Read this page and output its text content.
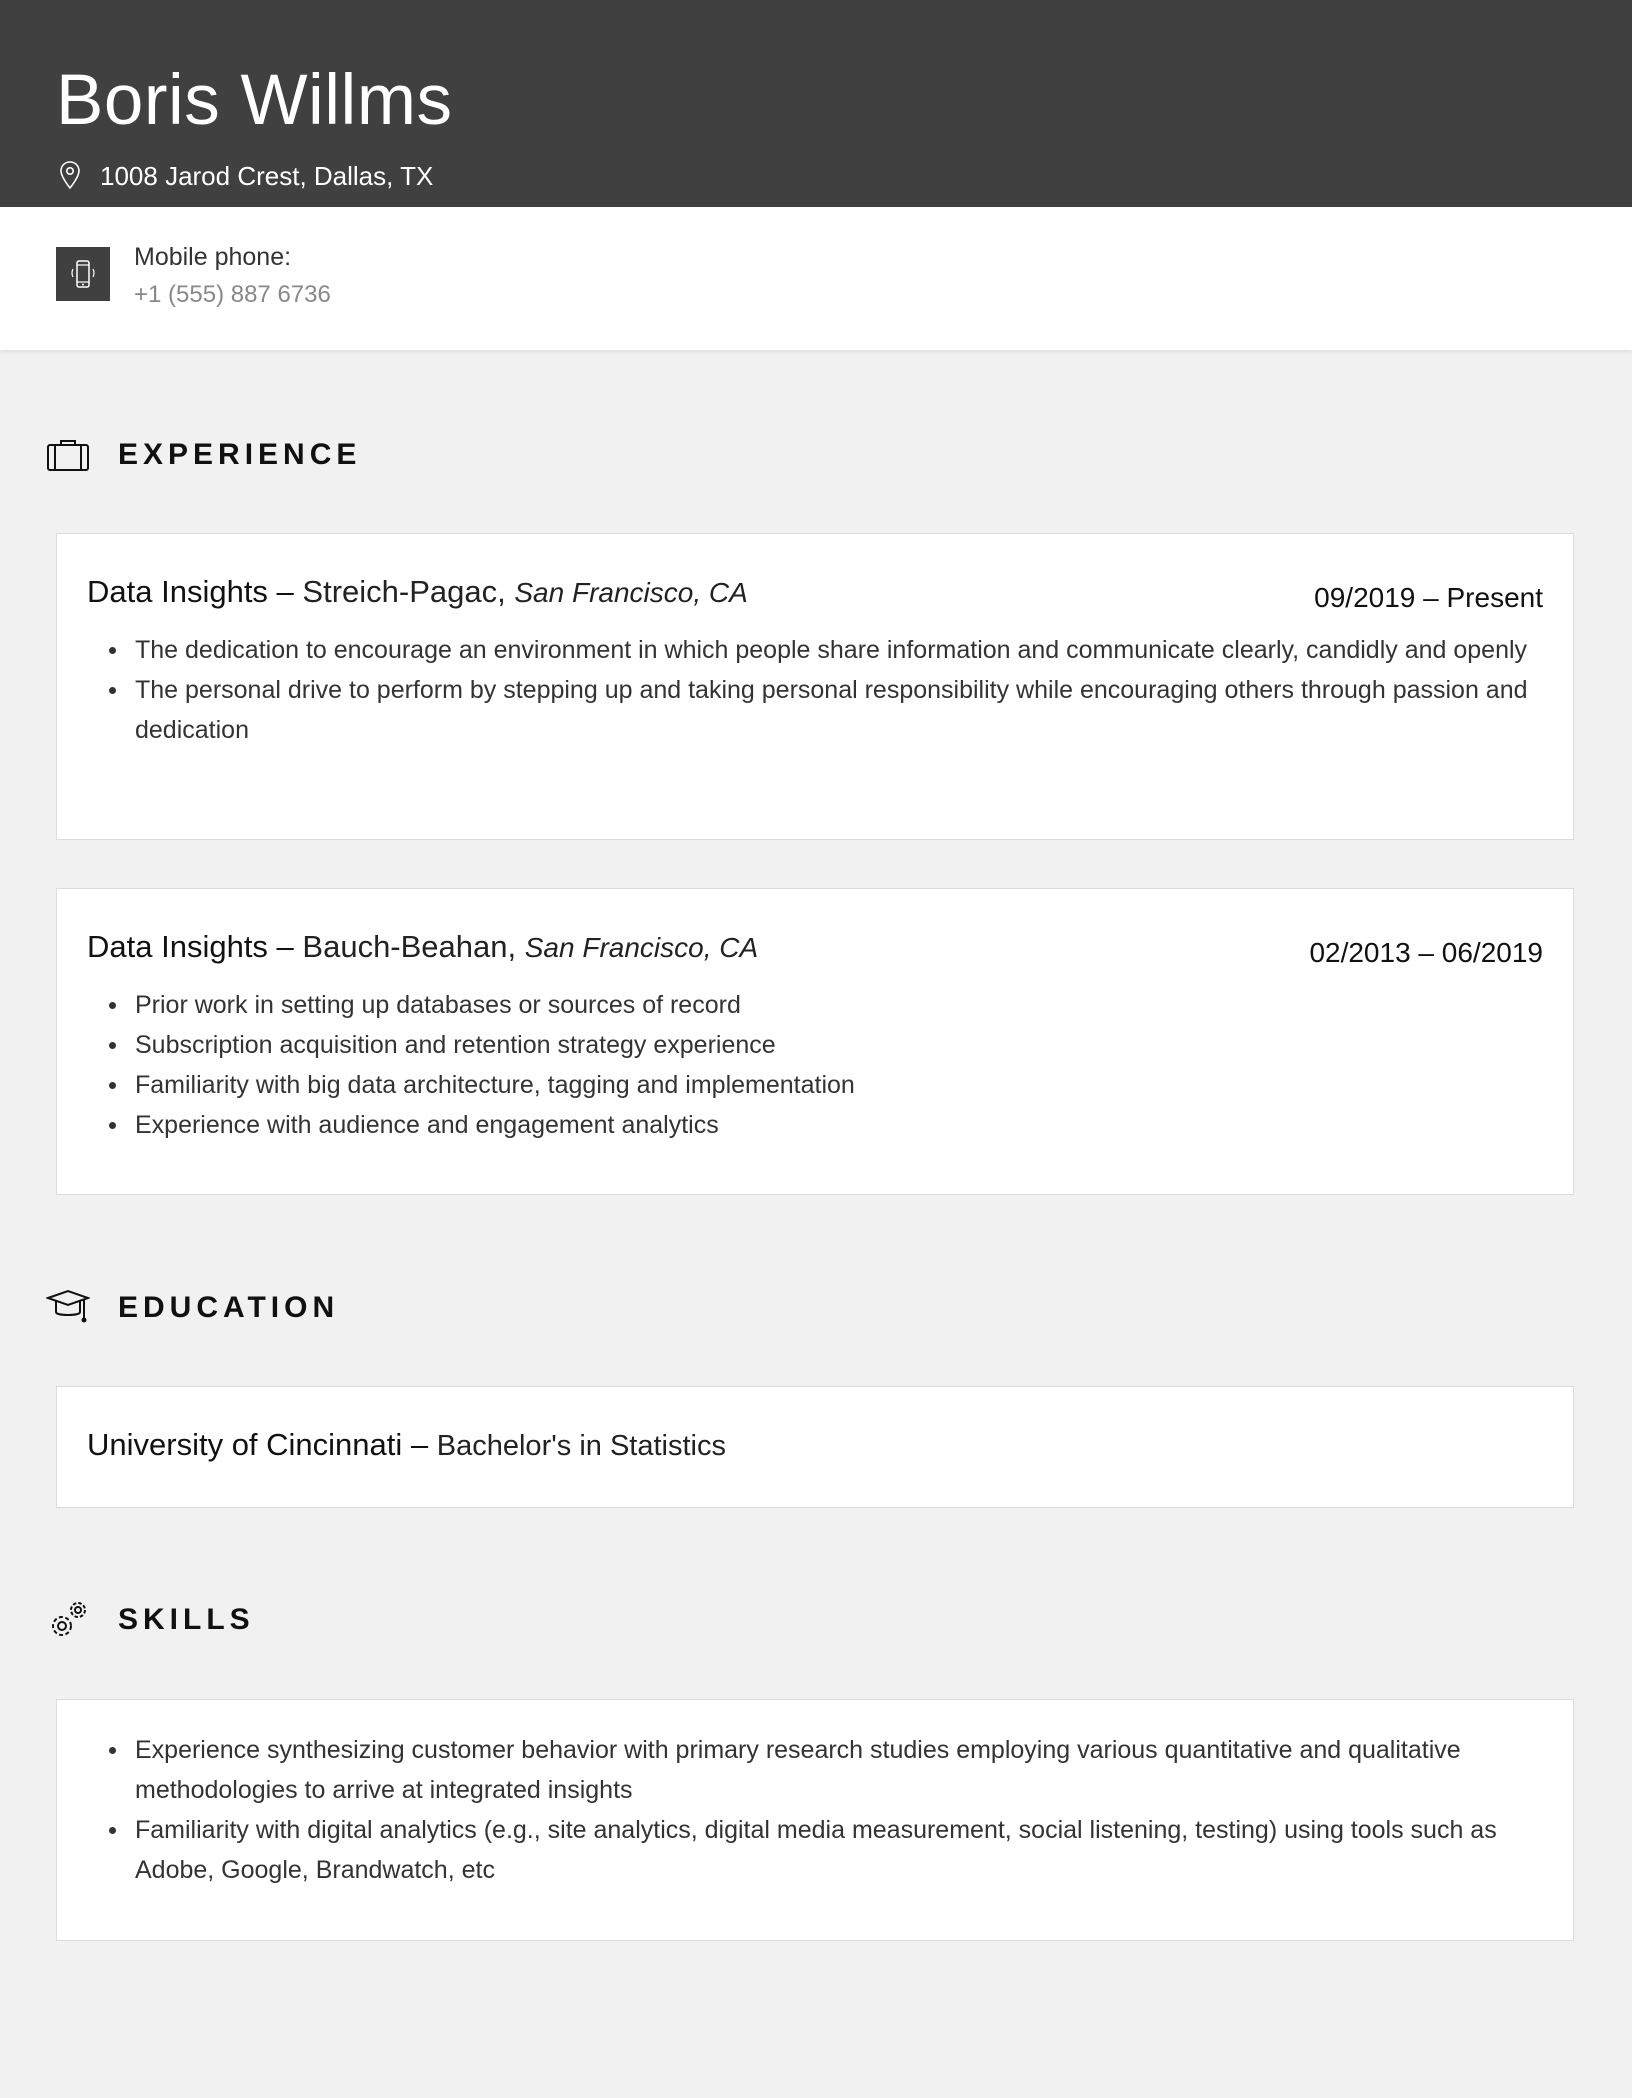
Boris Willms
1008 Jarod Crest, Dallas, TX
Mobile phone:
+1 (555) 887 6736
EXPERIENCE
Data Insights – Streich-Pagac, San Francisco, CA	09/2019 – Present
The dedication to encourage an environment in which people share information and communicate clearly, candidly and openly
The personal drive to perform by stepping up and taking personal responsibility while encouraging others through passion and dedication
Data Insights – Bauch-Beahan, San Francisco, CA	02/2013 – 06/2019
Prior work in setting up databases or sources of record
Subscription acquisition and retention strategy experience
Familiarity with big data architecture, tagging and implementation
Experience with audience and engagement analytics
EDUCATION
University of Cincinnati – Bachelor's in Statistics
SKILLS
Experience synthesizing customer behavior with primary research studies employing various quantitative and qualitative methodologies to arrive at integrated insights
Familiarity with digital analytics (e.g., site analytics, digital media measurement, social listening, testing) using tools such as Adobe, Google, Brandwatch, etc
